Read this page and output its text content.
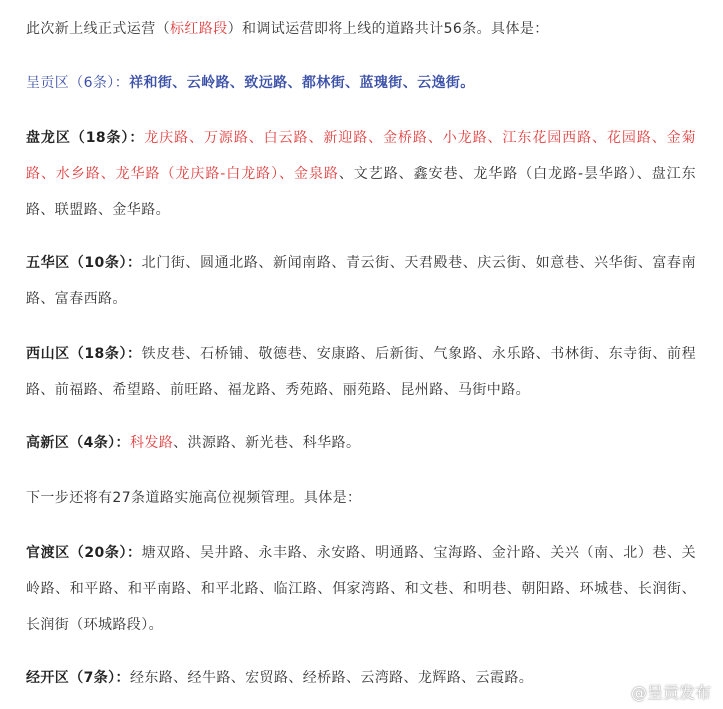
此次新上线正式运营（标红路段）和调试运营即将上线的道路共计56条。具体是：

呈贡区（6条）：祥和街、云岭路、致远路、都林街、蓝瑰街、云逸街。

盘龙区（18条）：龙庆路、万源路、白云路、新迎路、金桥路、小龙路、江东花园西路、花园路、金菊路、水乡路、龙华路（龙庆路-白龙路）、金泉路、文艺路、鑫安巷、龙华路（白龙路-昙华路）、盘江东路、联盟路、金华路。

五华区（10条）：北门街、圆通北路、新闻南路、青云街、天君殿巷、庆云街、如意巷、兴华街、富春南路、富春西路。

西山区（18条）：铁皮巷、石桥铺、敬德巷、安康路、后新街、气象路、永乐路、书林街、东寺街、前程路、前福路、希望路、前旺路、福龙路、秀苑路、丽苑路、昆州路、马街中路。

高新区（4条）：科发路、洪源路、新光巷、科华路。

下一步还将有27条道路实施高位视频管理。具体是：

官渡区（20条）：塘双路、吴井路、永丰路、永安路、明通路、宝海路、金汁路、关兴（南、北）巷、关岭路、和平路、和平南路、和平北路、临江路、佴家湾路、和文巷、和明巷、朝阳路、环城巷、长润街、长润街（环城路段）。

经开区（7条）：经东路、经牛路、宏贸路、经桥路、云湾路、龙辉路、云霞路。

@呈贡发布
